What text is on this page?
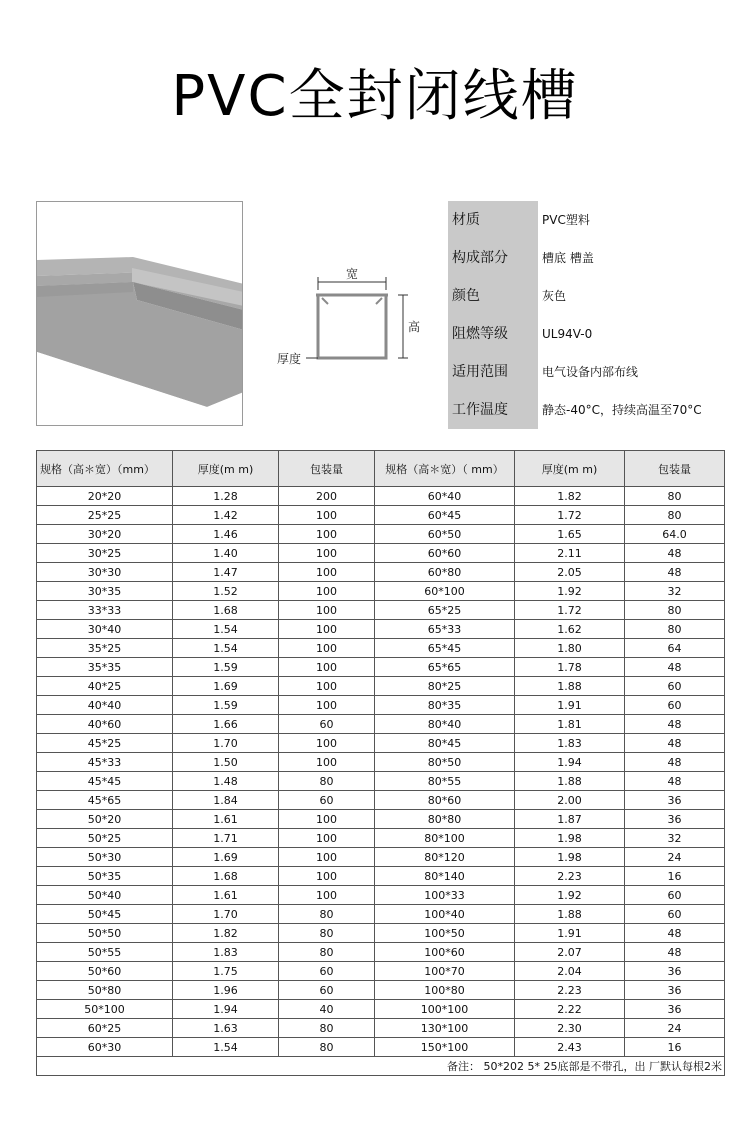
PVC全封闭线槽
宽
高
厚度
材质	PVC塑料
构成部分	槽底 槽盖
颜色	灰色
阻燃等级	UL94V-0
适用范围	电气设备内部布线
工作温度	静态-40°C，持续高温至70°C
规格（高＊宽）（mm）	厚度(m m)	包装量	规格（高＊宽）（ mm）	厚度(m m)	包装量
20*20	1.28	200	60*40	1.82	80
25*25	1.42	100	60*45	1.72	80
30*20	1.46	100	60*50	1.65	64.0
30*25	1.40	100	60*60	2.11	48
30*30	1.47	100	60*80	2.05	48
30*35	1.52	100	60*100	1.92	32
33*33	1.68	100	65*25	1.72	80
30*40	1.54	100	65*33	1.62	80
35*25	1.54	100	65*45	1.80	64
35*35	1.59	100	65*65	1.78	48
40*25	1.69	100	80*25	1.88	60
40*40	1.59	100	80*35	1.91	60
40*60	1.66	60	80*40	1.81	48
45*25	1.70	100	80*45	1.83	48
45*33	1.50	100	80*50	1.94	48
45*45	1.48	80	80*55	1.88	48
45*65	1.84	60	80*60	2.00	36
50*20	1.61	100	80*80	1.87	36
50*25	1.71	100	80*100	1.98	32
50*30	1.69	100	80*120	1.98	24
50*35	1.68	100	80*140	2.23	16
50*40	1.61	100	100*33	1.92	60
50*45	1.70	80	100*40	1.88	60
50*50	1.82	80	100*50	1.91	48
50*55	1.83	80	100*60	2.07	48
50*60	1.75	60	100*70	2.04	36
50*80	1.96	60	100*80	2.23	36
50*100	1.94	40	100*100	2.22	36
60*25	1.63	80	130*100	2.30	24
60*30	1.54	80	150*100	2.43	16
备注： 50*202 5* 25底部是不带孔，出 厂默认每根2米					
